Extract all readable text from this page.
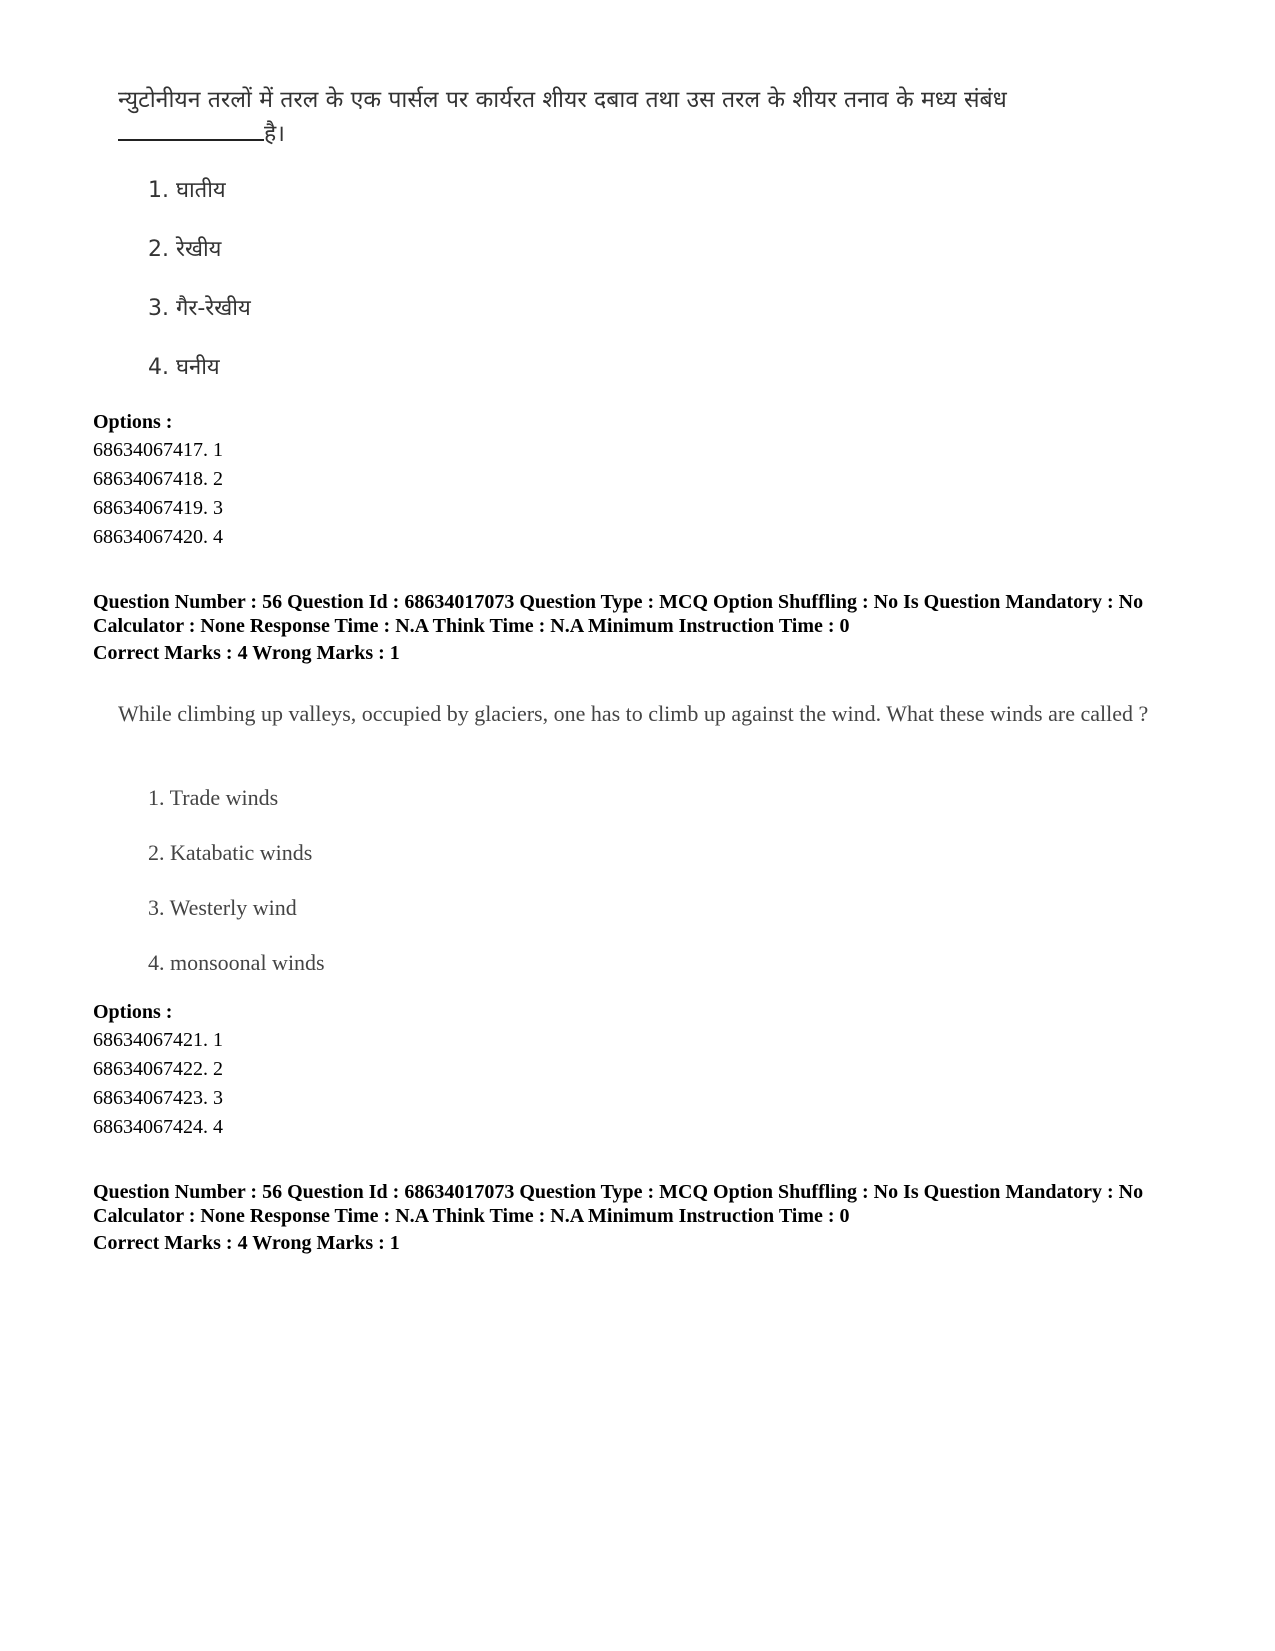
न्युटोनीयन तरलों में तरल के एक पार्सल पर कार्यरत शीयर दबाव तथा उस तरल के शीयर तनाव के मध्य संबंध
है।
1. घातीय
2. रेखीय
3. गैर-रेखीय
4. घनीय
Options :
68634067417. 1
68634067418. 2
68634067419. 3
68634067420. 4
Question Number : 56 Question Id : 68634017073 Question Type : MCQ Option Shuffling : No Is Question Mandatory : No Calculator : None Response Time : N.A Think Time : N.A Minimum Instruction Time : 0
Correct Marks : 4 Wrong Marks : 1
While climbing up valleys, occupied by glaciers, one has to climb up against the wind. What these winds are called ?
1. Trade winds
2. Katabatic winds
3. Westerly wind
4. monsoonal winds
Options :
68634067421. 1
68634067422. 2
68634067423. 3
68634067424. 4
Question Number : 56 Question Id : 68634017073 Question Type : MCQ Option Shuffling : No Is Question Mandatory : No Calculator : None Response Time : N.A Think Time : N.A Minimum Instruction Time : 0
Correct Marks : 4 Wrong Marks : 1
